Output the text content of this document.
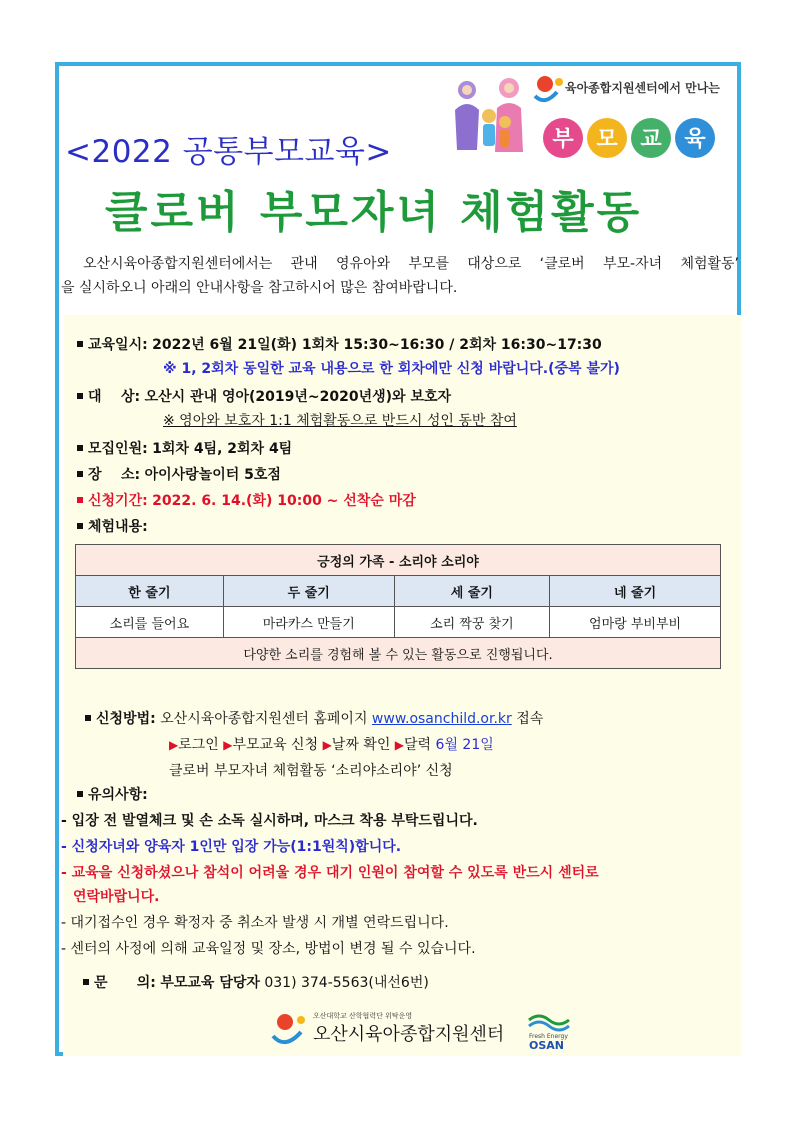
육아종합지원센터에서 만나는
부 모 교 육
<2022 공통부모교육>
클로버 부모자녀 체험활동
오산시육아종합지원센터에서는 관내 영유아와 부모를 대상으로 ‘클로버 부모-자녀 체험활동’
을 실시하오니 아래의 안내사항을 참고하시어 많은 참여바랍니다.
교육일시: 2022년 6월 21일(화) 1회차 15:30~16:30 / 2회차 16:30~17:30
※ 1, 2회차 동일한 교육 내용으로 한 회차에만 신청 바랍니다.(중복 불가)
대    상: 오산시 관내 영아(2019년~2020년생)와 보호자
※ 영아와 보호자 1:1 체험활동으로 반드시 성인 동반 참여
모집인원: 1회차 4팀, 2회차 4팀
장    소: 아이사랑놀이터 5호점
신청기간: 2022. 6. 14.(화) 10:00 ~ 선착순 마감
체험내용:
긍정의 가족 - 소리야 소리야			
한 줄기	두 줄기	세 줄기	네 줄기
소리를 들어요	마라카스 만들기	소리 짝꿍 찾기	엄마랑 부비부비
다양한 소리를 경험해 볼 수 있는 활동으로 진행됩니다.			
신청방법: 오산시육아종합지원센터 홈페이지 www.osanchild.or.kr 접속
▶로그인 ▶부모교육 신청 ▶날짜 확인 ▶달력 6월 21일
클로버 부모자녀 체험활동 ‘소리야소리야’ 신청
유의사항:
- 입장 전 발열체크 및 손 소독 실시하며, 마스크 착용 부탁드립니다.
- 신청자녀와 양육자 1인만 입장 가능(1:1원칙)합니다.
- 교육을 신청하셨으나 참석이 어려울 경우 대기 인원이 참여할 수 있도록 반드시 센터로
연락바랍니다.
- 대기접수인 경우 확정자 중 취소자 발생 시 개별 연락드립니다.
- 센터의 사정에 의해 교육일정 및 장소, 방법이 변경 될 수 있습니다.
문      의: 부모교육 담당자 031) 374-5563(내선6번)
오산대학교 산학협력단 위탁운영
오산시육아종합지원센터	Fresh Energy
OSAN
